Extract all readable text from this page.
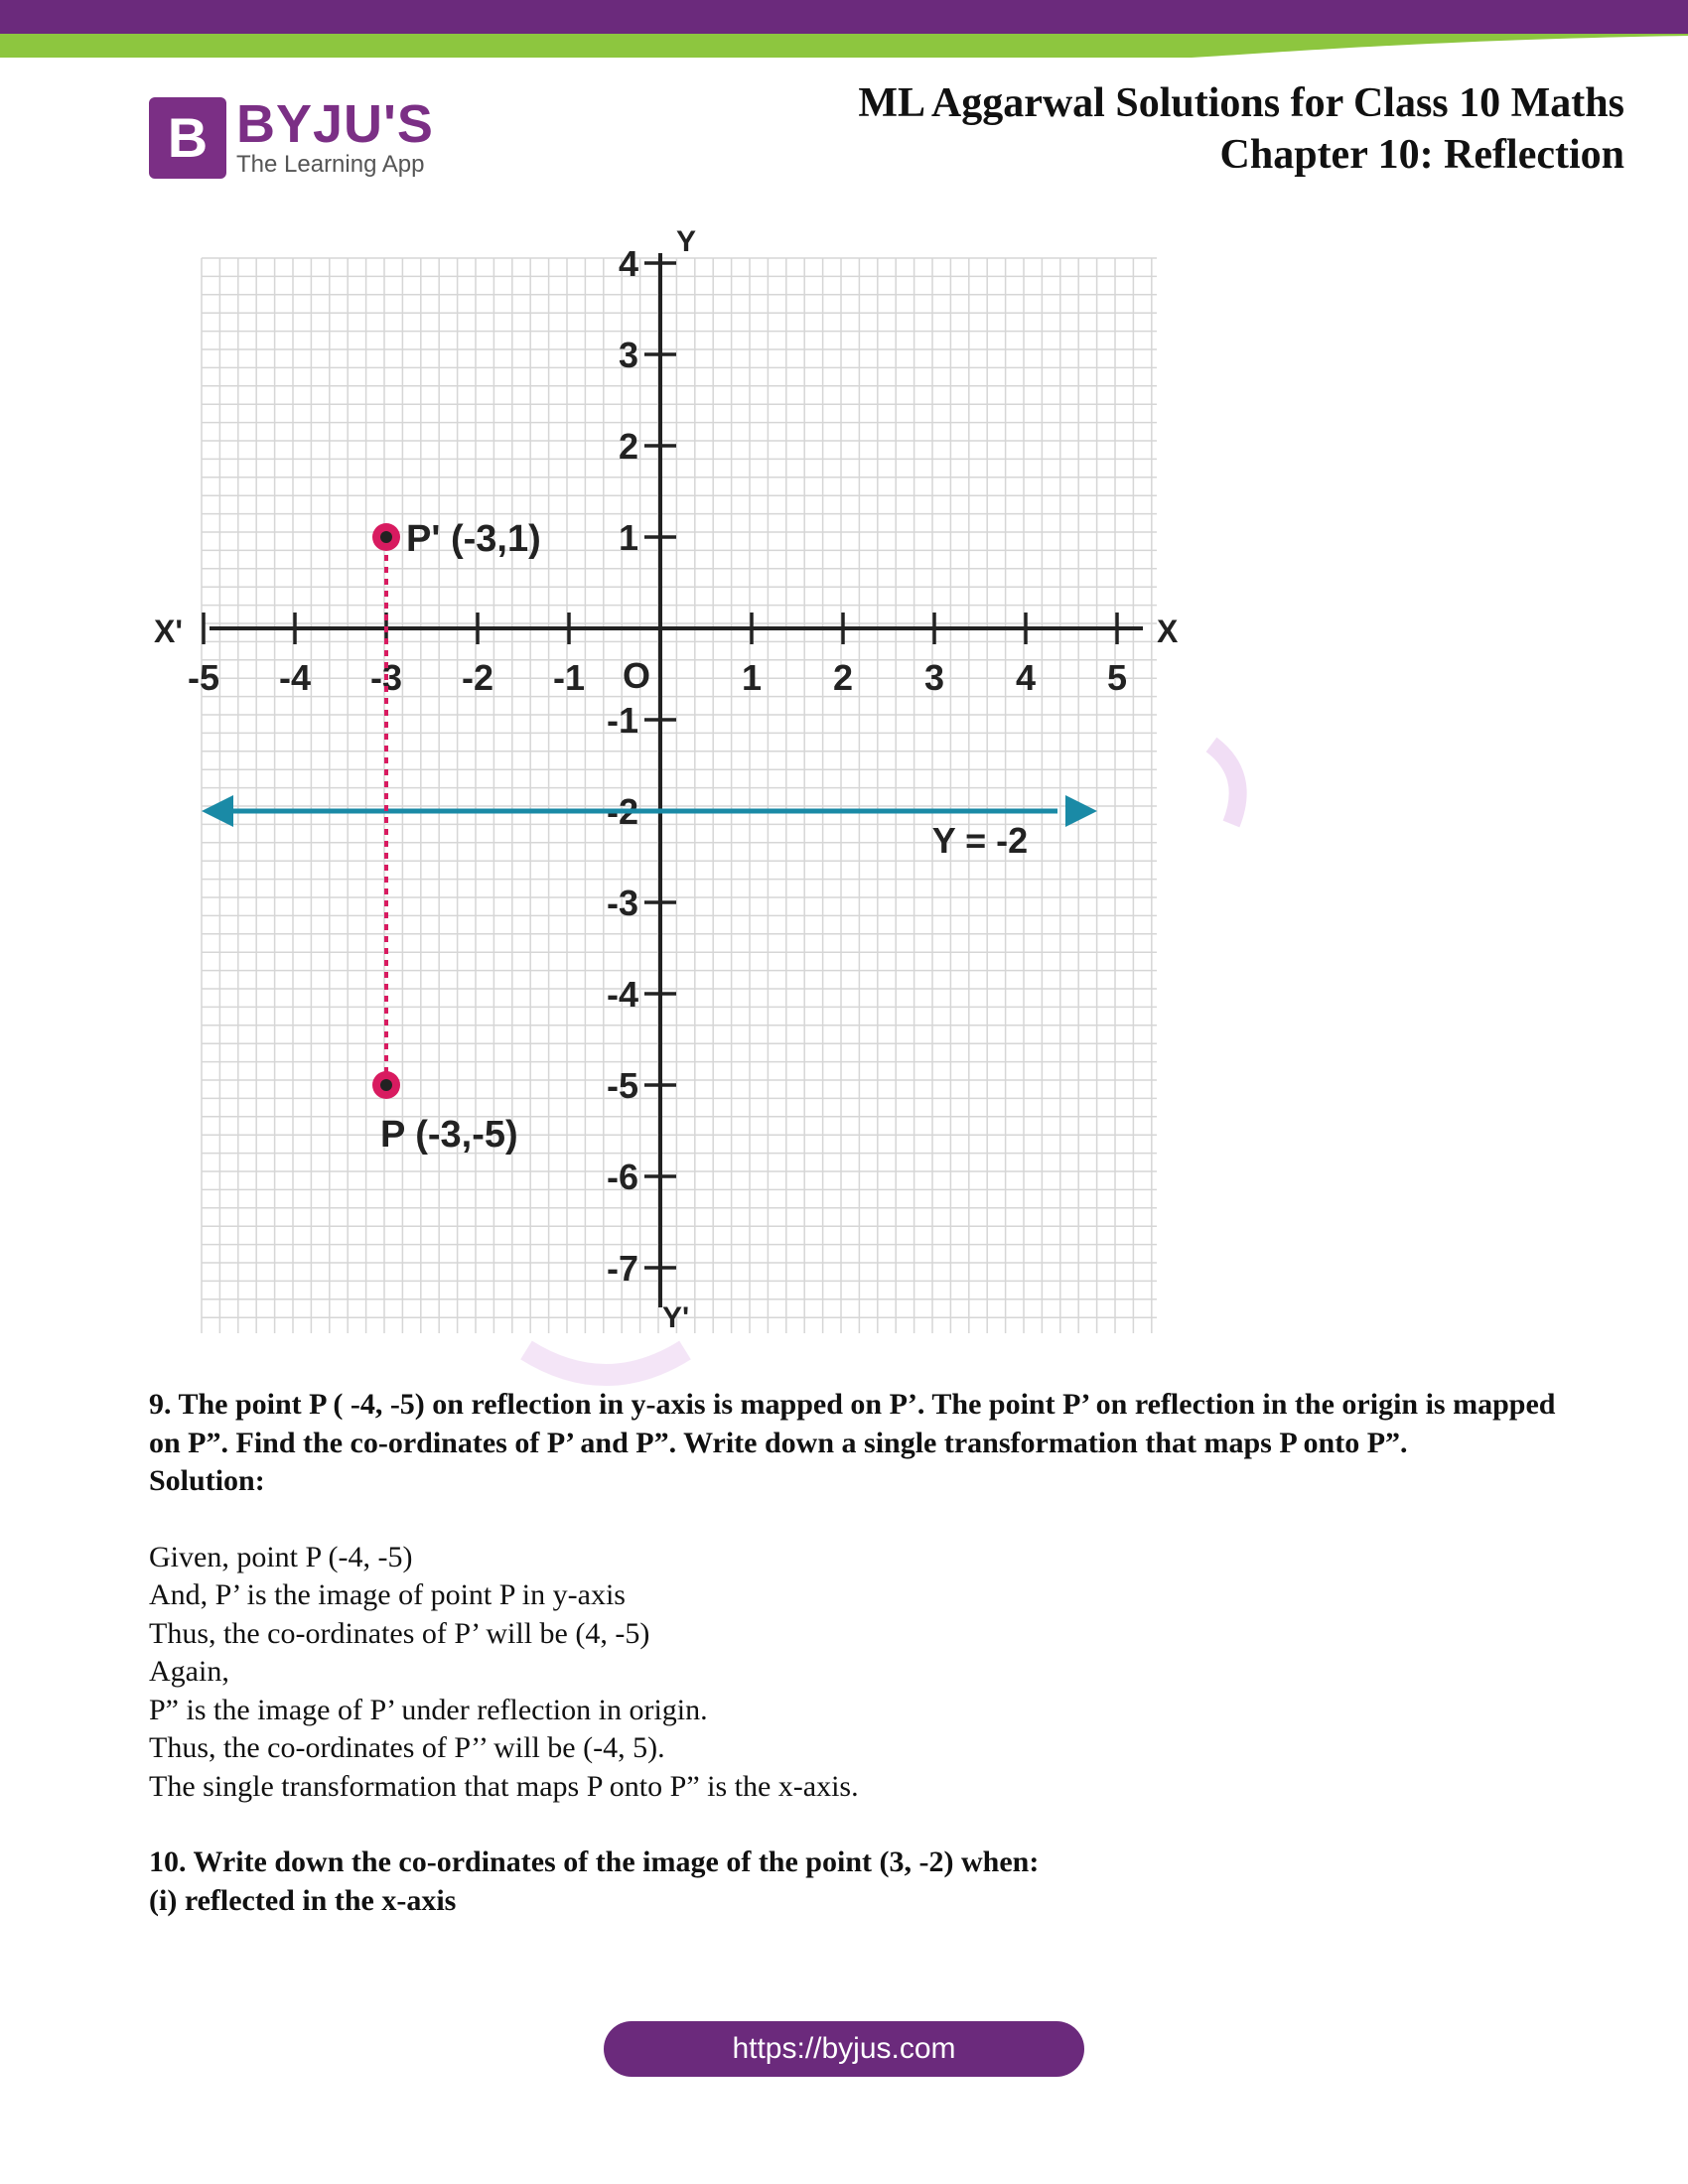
B BYJU'S
The Learning App
ML Aggarwal Solutions for Class 10 Maths
Chapter 10: Reflection
-5 -4 -3 -2 -1	1 2 3 4 5
4
3
2
1
-1
-2
-3
-4
-5
-6
-7
X'	X
Y
Y'
O
Y = -2
P' (-3,1)
P (-3,-5)

9. The point P ( -4, -5) on reflection in y-axis is mapped on P’. The point P’ on reflection in the origin is mapped on P”. Find the co-ordinates of P’ and P”. Write down a single transformation that maps P onto P”.

Solution:

Given, point P (-4, -5)

And, P’ is the image of point P in y-axis

Thus, the co-ordinates of P’ will be (4, -5)

Again,

P” is the image of P’ under reflection in origin.

Thus, the co-ordinates of P’’ will be (-4, 5).

The single transformation that maps P onto P” is the x-axis.

10. Write down the co-ordinates of the image of the point (3, -2) when:

(i) reflected in the x-axis

https://byjus.com
